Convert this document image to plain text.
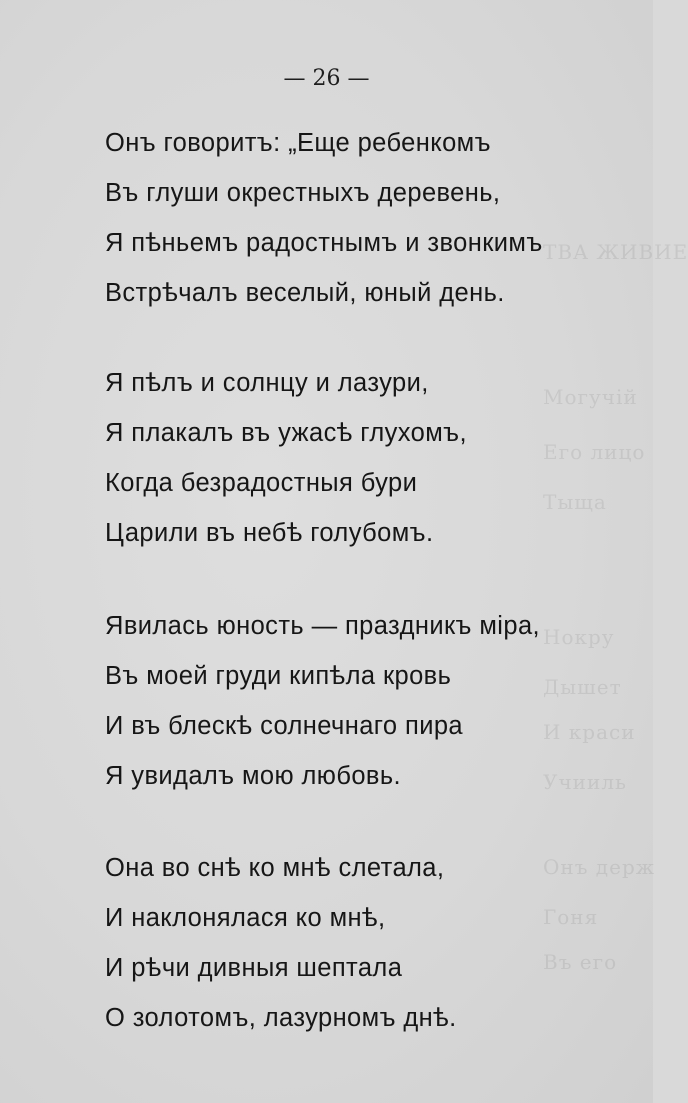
ТВА ЖИВИЕ
Могучій
Его лицо
Тыща
Нокру
Дышет
И краси
Учииль
Онъ держ
Гоня
Въ его
— 26 —
Онъ говоритъ: „Еще ребенкомъ
Въ глуши окрестныхъ деревень,
Я пѣньемъ радостнымъ и звонкимъ
Встрѣчалъ веселый, юный день.
Я пѣлъ и солнцу и лазури,
Я плакалъ въ ужасѣ глухомъ,
Когда безрадостныя бури
Царили въ небѣ голубомъ.
Явилась юность — праздникъ міра,
Въ моей груди кипѣла кровь
И въ блескѣ солнечнаго пира
Я увидалъ мою любовь.
Она во снѣ ко мнѣ слетала,
И наклонялася ко мнѣ,
И рѣчи дивныя шептала
О золотомъ, лазурномъ днѣ.
